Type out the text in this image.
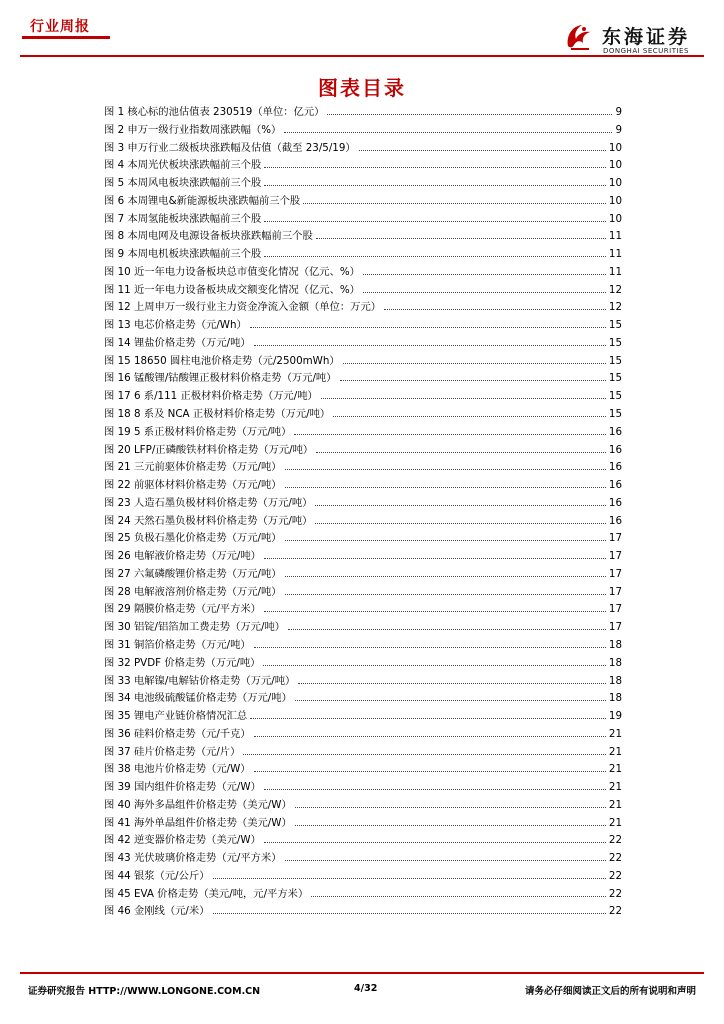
行业周报	东海证券
DONGHAI SECURITIES
图表目录
图 1 核心标的池估值表 230519（单位：亿元）	9
图 2 申万一级行业指数周涨跌幅（%）	9
图 3 申万行业二级板块涨跌幅及估值（截至 23/5/19）	10
图 4 本周光伏板块涨跌幅前三个股	10
图 5 本周风电板块涨跌幅前三个股	10
图 6 本周锂电&新能源板块涨跌幅前三个股	10
图 7 本周氢能板块涨跌幅前三个股	10
图 8 本周电网及电源设备板块涨跌幅前三个股	11
图 9 本周电机板块涨跌幅前三个股	11
图 10 近一年电力设备板块总市值变化情况（亿元、%）	11
图 11 近一年电力设备板块成交额变化情况（亿元、%）	12
图 12 上周申万一级行业主力资金净流入金额（单位：万元）	12
图 13 电芯价格走势（元/Wh）	15
图 14 锂盐价格走势（万元/吨）	15
图 15 18650 圆柱电池价格走势（元/2500mWh）	15
图 16 锰酸锂/钴酸锂正极材料价格走势（万元/吨）	15
图 17 6 系/111 正极材料价格走势（万元/吨）	15
图 18 8 系及 NCA 正极材料价格走势（万元/吨）	15
图 19 5 系正极材料价格走势（万元/吨）	16
图 20 LFP/正磷酸铁材料价格走势（万元/吨）	16
图 21 三元前驱体价格走势（万元/吨）	16
图 22 前驱体材料价格走势（万元/吨）	16
图 23 人造石墨负极材料价格走势（万元/吨）	16
图 24 天然石墨负极材料价格走势（万元/吨）	16
图 25 负极石墨化价格走势（万元/吨）	17
图 26 电解液价格走势（万元/吨）	17
图 27 六氟磷酸锂价格走势（万元/吨）	17
图 28 电解液溶剂价格走势（万元/吨）	17
图 29 隔膜价格走势（元/平方米）	17
图 30 铝锭/铝箔加工费走势（万元/吨）	17
图 31 铜箔价格走势（万元/吨）	18
图 32 PVDF 价格走势（万元/吨）	18
图 33 电解镍/电解钴价格走势（万元/吨）	18
图 34 电池级硫酸锰价格走势（万元/吨）	18
图 35 锂电产业链价格情况汇总	19
图 36 硅料价格走势（元/千克）	21
图 37 硅片价格走势（元/片）	21
图 38 电池片价格走势（元/W）	21
图 39 国内组件价格走势（元/W）	21
图 40 海外多晶组件价格走势（美元/W）	21
图 41 海外单晶组件价格走势（美元/W）	21
图 42 逆变器价格走势（美元/W）	22
图 43 光伏玻璃价格走势（元/平方米）	22
图 44 银浆（元/公斤）	22
图 45 EVA 价格走势（美元/吨，元/平方米）	22
图 46 金刚线（元/米）	22
证券研究报告 HTTP://WWW.LONGONE.COM.CN	4/32	请务必仔细阅读正文后的所有说明和声明
